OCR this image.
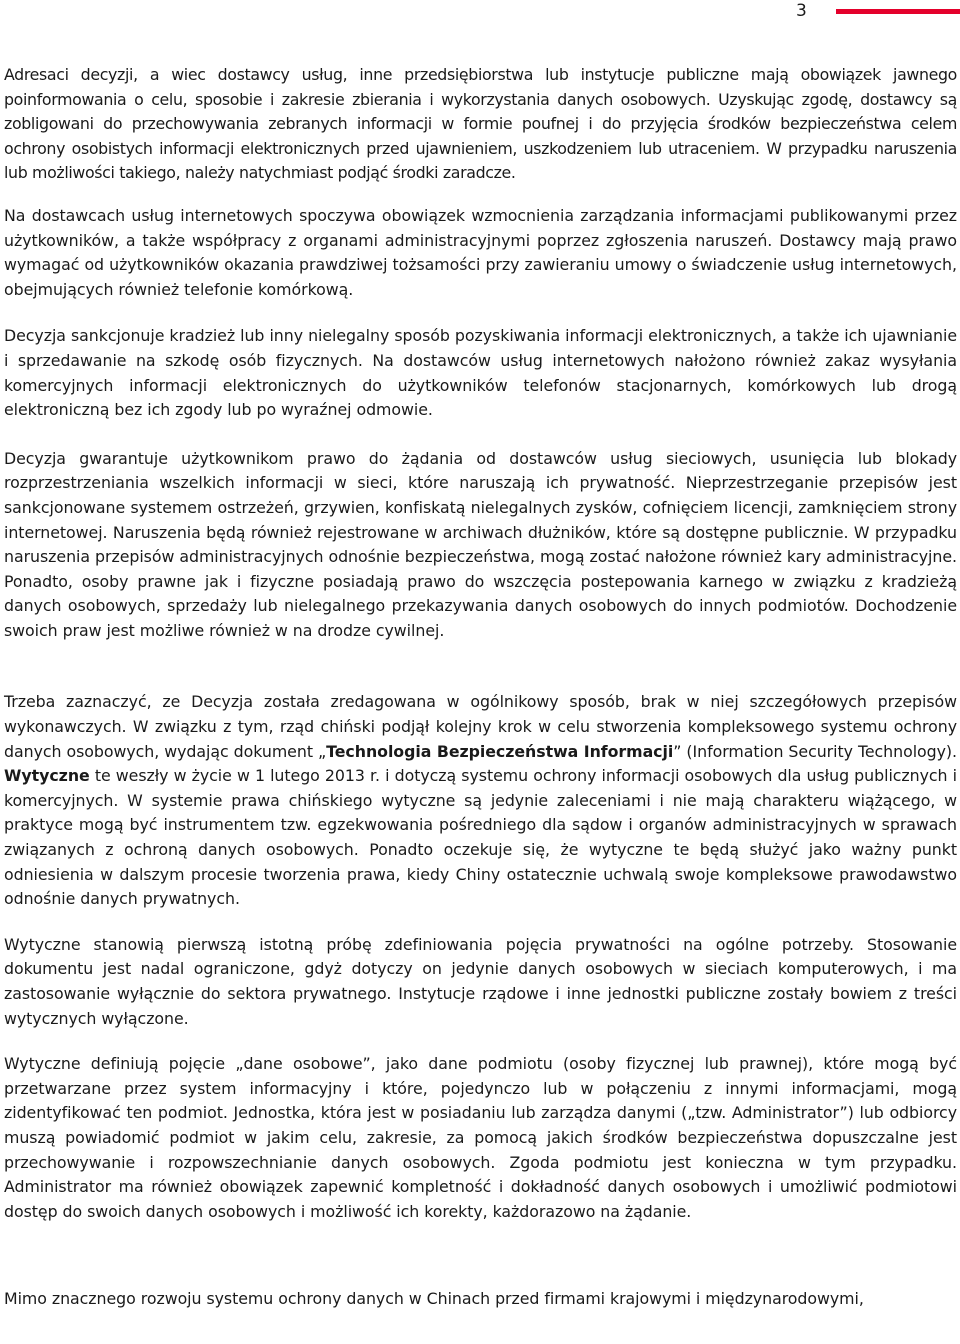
3

Adresaci decyzji, a wiec dostawcy usług, inne przedsiębiorstwa lub instytucje publiczne mają obowiązek jawnego poinformowania o celu, sposobie i zakresie zbierania i wykorzystania danych osobowych. Uzyskując zgodę, dostawcy są zobligowani do przechowywania zebranych informacji w formie poufnej i do przyjęcia środków bezpieczeństwa celem ochrony osobistych informacji elektronicznych przed ujawnieniem, uszkodzeniem lub utraceniem. W przypadku naruszenia lub możliwości takiego, należy natychmiast podjąć środki zaradcze.

Na dostawcach usług internetowych spoczywa obowiązek wzmocnienia zarządzania informacjami publikowanymi przez użytkowników, a także współpracy z organami administracyjnymi poprzez zgłoszenia naruszeń. Dostawcy mają prawo wymagać od użytkowników okazania prawdziwej tożsamości przy zawieraniu umowy o świadczenie usług internetowych, obejmujących również telefonie komórkową.

Decyzja sankcjonuje kradzież lub inny nielegalny sposób pozyskiwania informacji elektronicznych, a także ich ujawnianie i sprzedawanie na szkodę osób fizycznych. Na dostawców usług internetowych nałożono również zakaz wysyłania komercyjnych informacji elektronicznych do użytkowników telefonów stacjonarnych, komórkowych lub drogą elektroniczną bez ich zgody lub po wyraźnej odmowie.

Decyzja gwarantuje użytkownikom prawo do żądania od dostawców usług sieciowych, usunięcia lub blokady rozprzestrzeniania wszelkich informacji w sieci, które naruszają ich prywatność. Nieprzestrzeganie przepisów jest sankcjonowane systemem ostrzeżeń, grzywien, konfiskatą nielegalnych zysków, cofnięciem licencji, zamknięciem strony internetowej. Naruszenia będą również rejestrowane w archiwach dłużników, które są dostępne publicznie. W przypadku naruszenia przepisów administracyjnych odnośnie bezpieczeństwa, mogą zostać nałożone również kary administracyjne. Ponadto, osoby prawne jak i fizyczne posiadają prawo do wszczęcia postepowania karnego w związku z kradzieżą danych osobowych, sprzedaży lub nielegalnego przekazywania danych osobowych do innych podmiotów. Dochodzenie swoich praw jest możliwe również w na drodze cywilnej.

Trzeba zaznaczyć, ze Decyzja została zredagowana w ogólnikowy sposób, brak w niej szczegółowych przepisów wykonawczych. W związku z tym, rząd chiński podjął kolejny krok w celu stworzenia kompleksowego systemu ochrony danych osobowych, wydając dokument „Technologia Bezpieczeństwa Informacji” (Information Security Technology). Wytyczne te weszły w życie w 1 lutego 2013 r. i dotyczą systemu ochrony informacji osobowych dla usług publicznych i komercyjnych. W systemie prawa chińskiego wytyczne są jedynie zaleceniami i nie mają charakteru wiążącego, w praktyce mogą być instrumentem tzw. egzekwowania pośredniego dla sądow i organów administracyjnych w sprawach związanych z ochroną danych osobowych. Ponadto oczekuje się, że wytyczne te będą służyć jako ważny punkt odniesienia w dalszym procesie tworzenia prawa, kiedy Chiny ostatecznie uchwalą swoje kompleksowe prawodawstwo odnośnie danych prywatnych.

Wytyczne stanowią pierwszą istotną próbę zdefiniowania pojęcia prywatności na ogólne potrzeby. Stosowanie dokumentu jest nadal ograniczone, gdyż dotyczy on jedynie danych osobowych w sieciach komputerowych, i ma zastosowanie wyłącznie do sektora prywatnego. Instytucje rządowe i inne jednostki publiczne zostały bowiem z treści wytycznych wyłączone.

Wytyczne definiują pojęcie „dane osobowe”, jako dane podmiotu (osoby fizycznej lub prawnej), które mogą być przetwarzane przez system informacyjny i które, pojedynczo lub w połączeniu z innymi informacjami, mogą zidentyfikować ten podmiot. Jednostka, która jest w posiadaniu lub zarządza danymi („tzw. Administrator”) lub odbiorcy muszą powiadomić podmiot w jakim celu, zakresie, za pomocą jakich środków bezpieczeństwa dopuszczalne jest przechowywanie i rozpowszechnianie danych osobowych. Zgoda podmiotu jest konieczna w tym przypadku. Administrator ma również obowiązek zapewnić kompletność i dokładność danych osobowych i umożliwić podmiotowi dostęp do swoich danych osobowych i możliwość ich korekty, każdorazowo na żądanie.

Mimo znacznego rozwoju systemu ochrony danych w Chinach przed firmami krajowymi i międzynarodowymi,
